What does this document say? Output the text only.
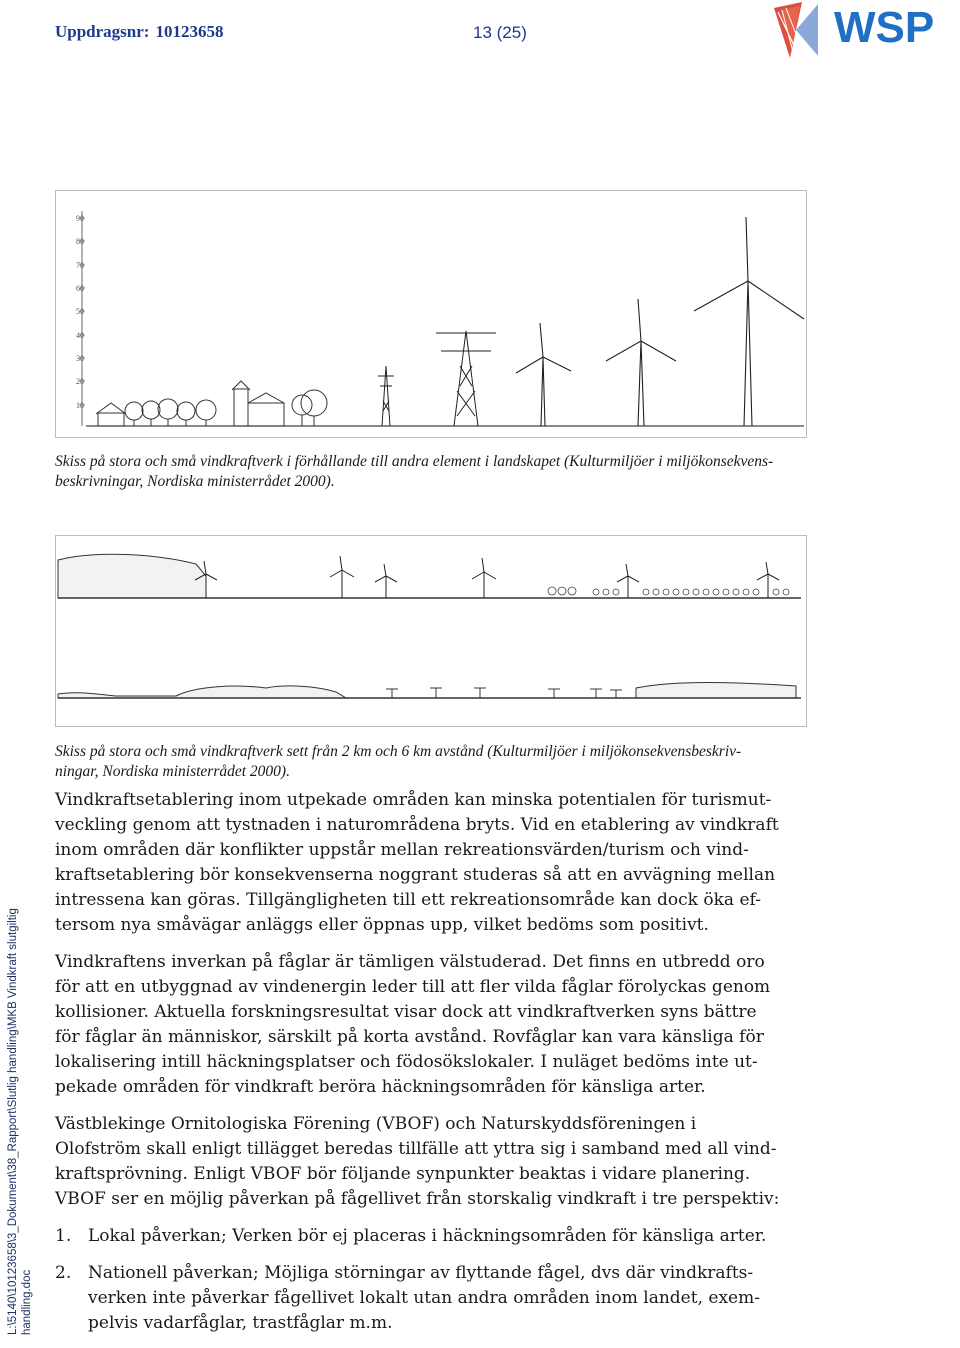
Uppdragsnr: 10123658	13 (25)	WSP
L:\5140\10123658\3_Dokument\38_Rapport\Slutlig handling\MKB Vindkraft slutgiltig handling.doc
90
80
70
60
50
40
30
20
10
Skiss på stora och små vindkraftverk i förhållande till andra element i landskapet (Kulturmiljöer i miljökonsekvens-beskrivningar, Nordiska ministerrådet 2000).
Skiss på stora och små vindkraftverk sett från 2 km och 6 km avstånd (Kulturmiljöer i miljökonsekvensbeskriv-ningar, Nordiska ministerrådet 2000).

Vindkraftsetablering inom utpekade områden kan minska potentialen för turismut-veckling genom att tystnaden i naturområdena bryts. Vid en etablering av vindkraft inom områden där konflikter uppstår mellan rekreationsvärden/turism och vind-kraftsetablering bör konsekvenserna noggrant studeras så att en avvägning mellan intressena kan göras. Tillgängligheten till ett rekreationsområde kan dock öka ef-tersom nya småvägar anläggs eller öppnas upp, vilket bedöms som positivt.

Vindkraftens inverkan på fåglar är tämligen välstuderad. Det finns en utbredd oro för att en utbyggnad av vindenergin leder till att fler vilda fåglar förolyckas genom kollisioner. Aktuella forskningsresultat visar dock att vindkraftverken syns bättre för fåglar än människor, särskilt på korta avstånd. Rovfåglar kan vara känsliga för lokalisering intill häckningsplatser och födosökslokaler. I nuläget bedöms inte ut-pekade områden för vindkraft beröra häckningsområden för känsliga arter.

Västblekinge Ornitologiska Förening (VBOF) och Naturskyddsföreningen i Olofström skall enligt tillägget beredas tillfälle att yttra sig i samband med all vind-kraftsprövning. Enligt VBOF bör följande synpunkter beaktas i vidare planering. VBOF ser en möjlig påverkan på fågellivet från storskalig vindkraft i tre perspektiv:

1. Lokal påverkan; Verken bör ej placeras i häckningsområden för känsliga arter.
2. Nationell påverkan; Möjliga störningar av flyttande fågel, dvs där vindkrafts-verken inte påverkar fågellivet lokalt utan andra områden inom landet, exem-pelvis vadarfåglar, trastfåglar m.m.
